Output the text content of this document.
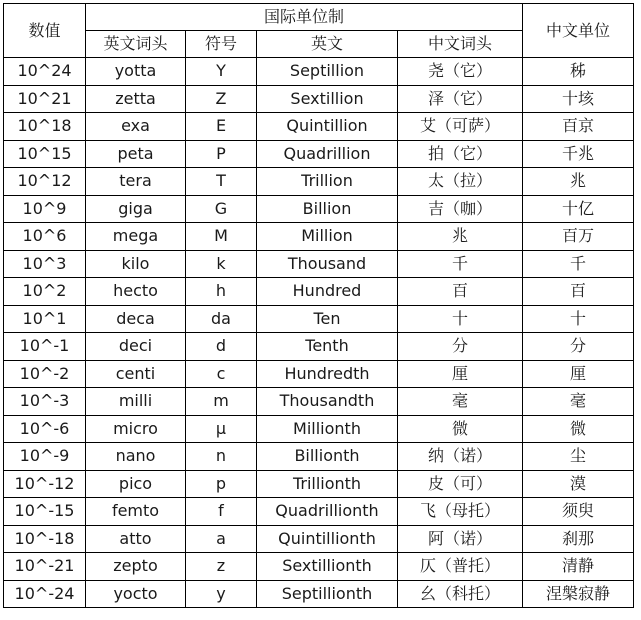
数值	国际单位制				中文单位
	英文词头	符号	英文	中文词头	
10^24	yotta	Y	Septillion	尧（它）	秭
10^21	zetta	Z	Sextillion	泽（它）	十垓
10^18	exa	E	Quintillion	艾（可萨）	百京
10^15	peta	P	Quadrillion	拍（它）	千兆
10^12	tera	T	Trillion	太（拉）	兆
10^9	giga	G	Billion	吉（咖）	十亿
10^6	mega	M	Million	兆	百万
10^3	kilo	k	Thousand	千	千
10^2	hecto	h	Hundred	百	百
10^1	deca	da	Ten	十	十
10^-1	deci	d	Tenth	分	分
10^-2	centi	c	Hundredth	厘	厘
10^-3	milli	m	Thousandth	毫	毫
10^-6	micro	μ	Millionth	微	微
10^-9	nano	n	Billionth	纳（诺）	尘
10^-12	pico	p	Trillionth	皮（可）	漠
10^-15	femto	f	Quadrillionth	飞（母托）	须臾
10^-18	atto	a	Quintillionth	阿（诺）	刹那
10^-21	zepto	z	Sextillionth	仄（普托）	清静
10^-24	yocto	y	Septillionth	幺（科托）	涅槃寂静
